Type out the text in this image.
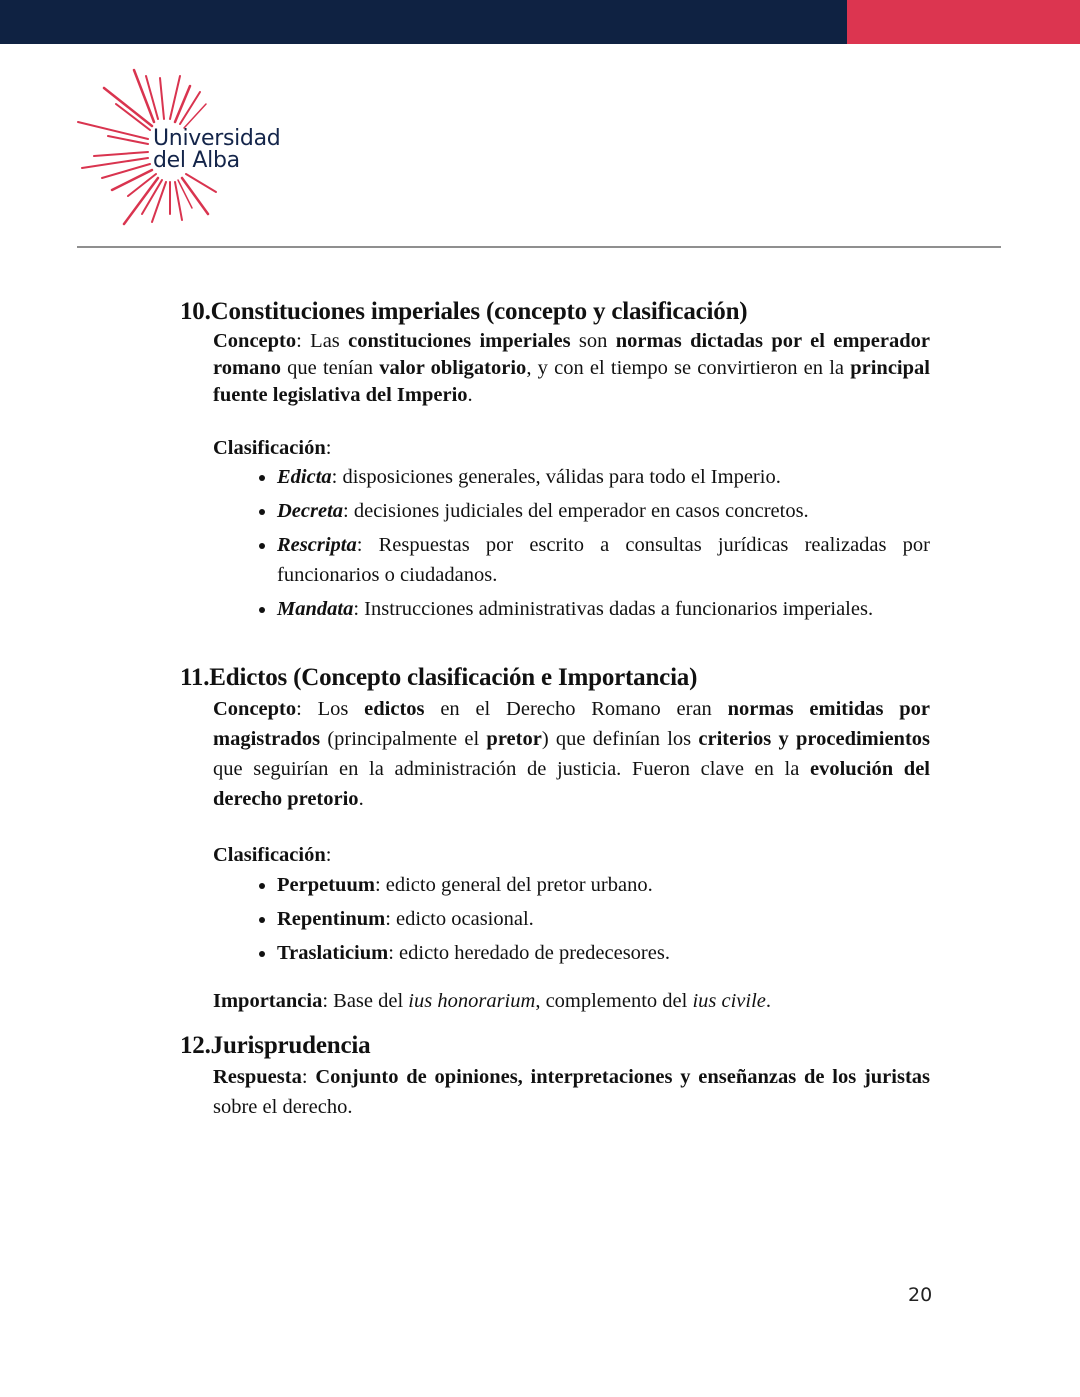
Universidad
del Alba
10.Constituciones imperiales (concepto y clasificación)

Concepto: Las constituciones imperiales son normas dictadas por el emperador romano que tenían valor obligatorio, y con el tiempo se convirtieron en la principal fuente legislativa del Imperio.

Clasificación:

• Edicta: disposiciones generales, válidas para todo el Imperio.
• Decreta: decisiones judiciales del emperador en casos concretos.
• Rescripta: Respuestas por escrito a consultas jurídicas realizadas por funcionarios o ciudadanos.
• Mandata: Instrucciones administrativas dadas a funcionarios imperiales.
11.Edictos (Concepto clasificación e Importancia)

Concepto: Los edictos en el Derecho Romano eran normas emitidas por magistrados (principalmente el pretor) que definían los criterios y procedimientos que seguirían en la administración de justicia. Fueron clave en la evolución del derecho pretorio.

Clasificación:

• Perpetuum: edicto general del pretor urbano.
• Repentinum: edicto ocasional.
• Traslaticium: edicto heredado de predecesores.

Importancia: Base del ius honorarium, complemento del ius civile.

12.Jurisprudencia

Respuesta: Conjunto de opiniones, interpretaciones y enseñanzas de los juristas sobre el derecho.

20
